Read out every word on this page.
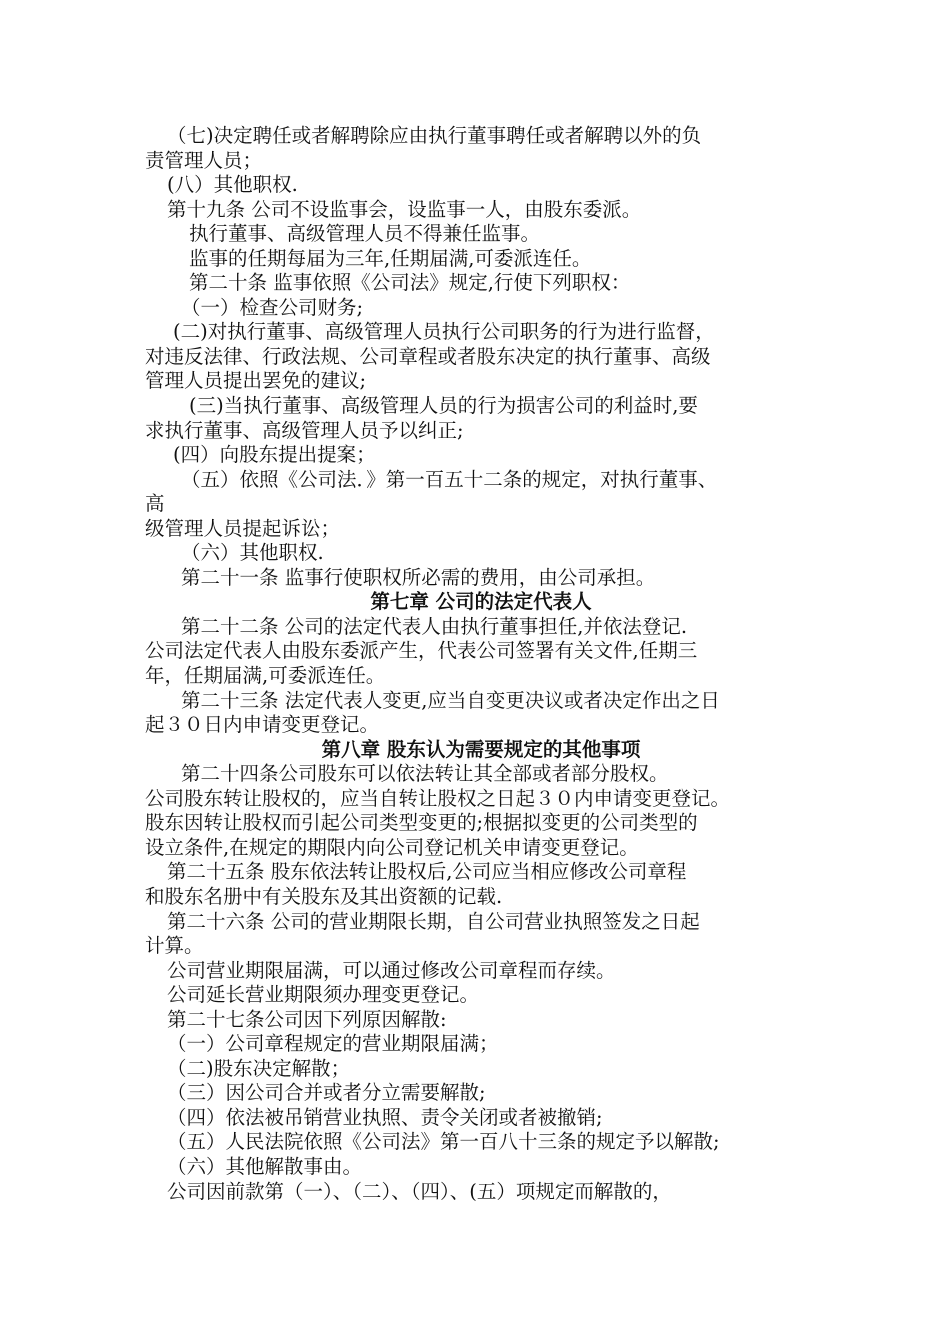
（七)决定聘任或者解聘除应由执行董事聘任或者解聘以外的负
责管理人员；
(八）其他职权.
第十九条 公司不设监事会，设监事一人，由股东委派。
执行董事、高级管理人员不得兼任监事。
监事的任期每届为三年,任期届满,可委派连任。
第二十条 监事依照《公司法》规定,行使下列职权：
（一）检查公司财务;
(二)对执行董事、高级管理人员执行公司职务的行为进行监督，
对违反法律、行政法规、公司章程或者股东决定的执行董事、高级
管理人员提出罢免的建议;
(三)当执行董事、高级管理人员的行为损害公司的利益时,要
求执行董事、高级管理人员予以纠正;
(四）向股东提出提案；
（五）依照《公司法．》第一百五十二条的规定，对执行董事、
高
级管理人员提起诉讼；
（六）其他职权.
第二十一条 监事行使职权所必需的费用，由公司承担。
第七章 公司的法定代表人
第二十二条 公司的法定代表人由执行董事担任,并依法登记.
公司法定代表人由股东委派产生，代表公司签署有关文件,任期三
年，任期届满,可委派连任。
第二十三条 法定代表人变更,应当自变更决议或者决定作出之日
起３０日内申请变更登记。
第八章 股东认为需要规定的其他事项
第二十四条公司股东可以依法转让其全部或者部分股权。
公司股东转让股权的，应当自转让股权之日起３０内申请变更登记。
股东因转让股权而引起公司类型变更的;根据拟变更的公司类型的
设立条件,在规定的期限内向公司登记机关申请变更登记。
第二十五条 股东依法转让股权后,公司应当相应修改公司章程
和股东名册中有关股东及其出资额的记载.
第二十六条 公司的营业期限长期，自公司营业执照签发之日起
计算。
公司营业期限届满，可以通过修改公司章程而存续。
公司延长营业期限须办理变更登记。
第二十七条公司因下列原因解散:
（一）公司章程规定的营业期限届满；
（二)股东决定解散；
（三）因公司合并或者分立需要解散;
（四）依法被吊销营业执照、责令关闭或者被撤销;
（五）人民法院依照《公司法》第一百八十三条的规定予以解散;
（六）其他解散事由。
公司因前款第（一）、（二）、（四）、(五）项规定而解散的，
